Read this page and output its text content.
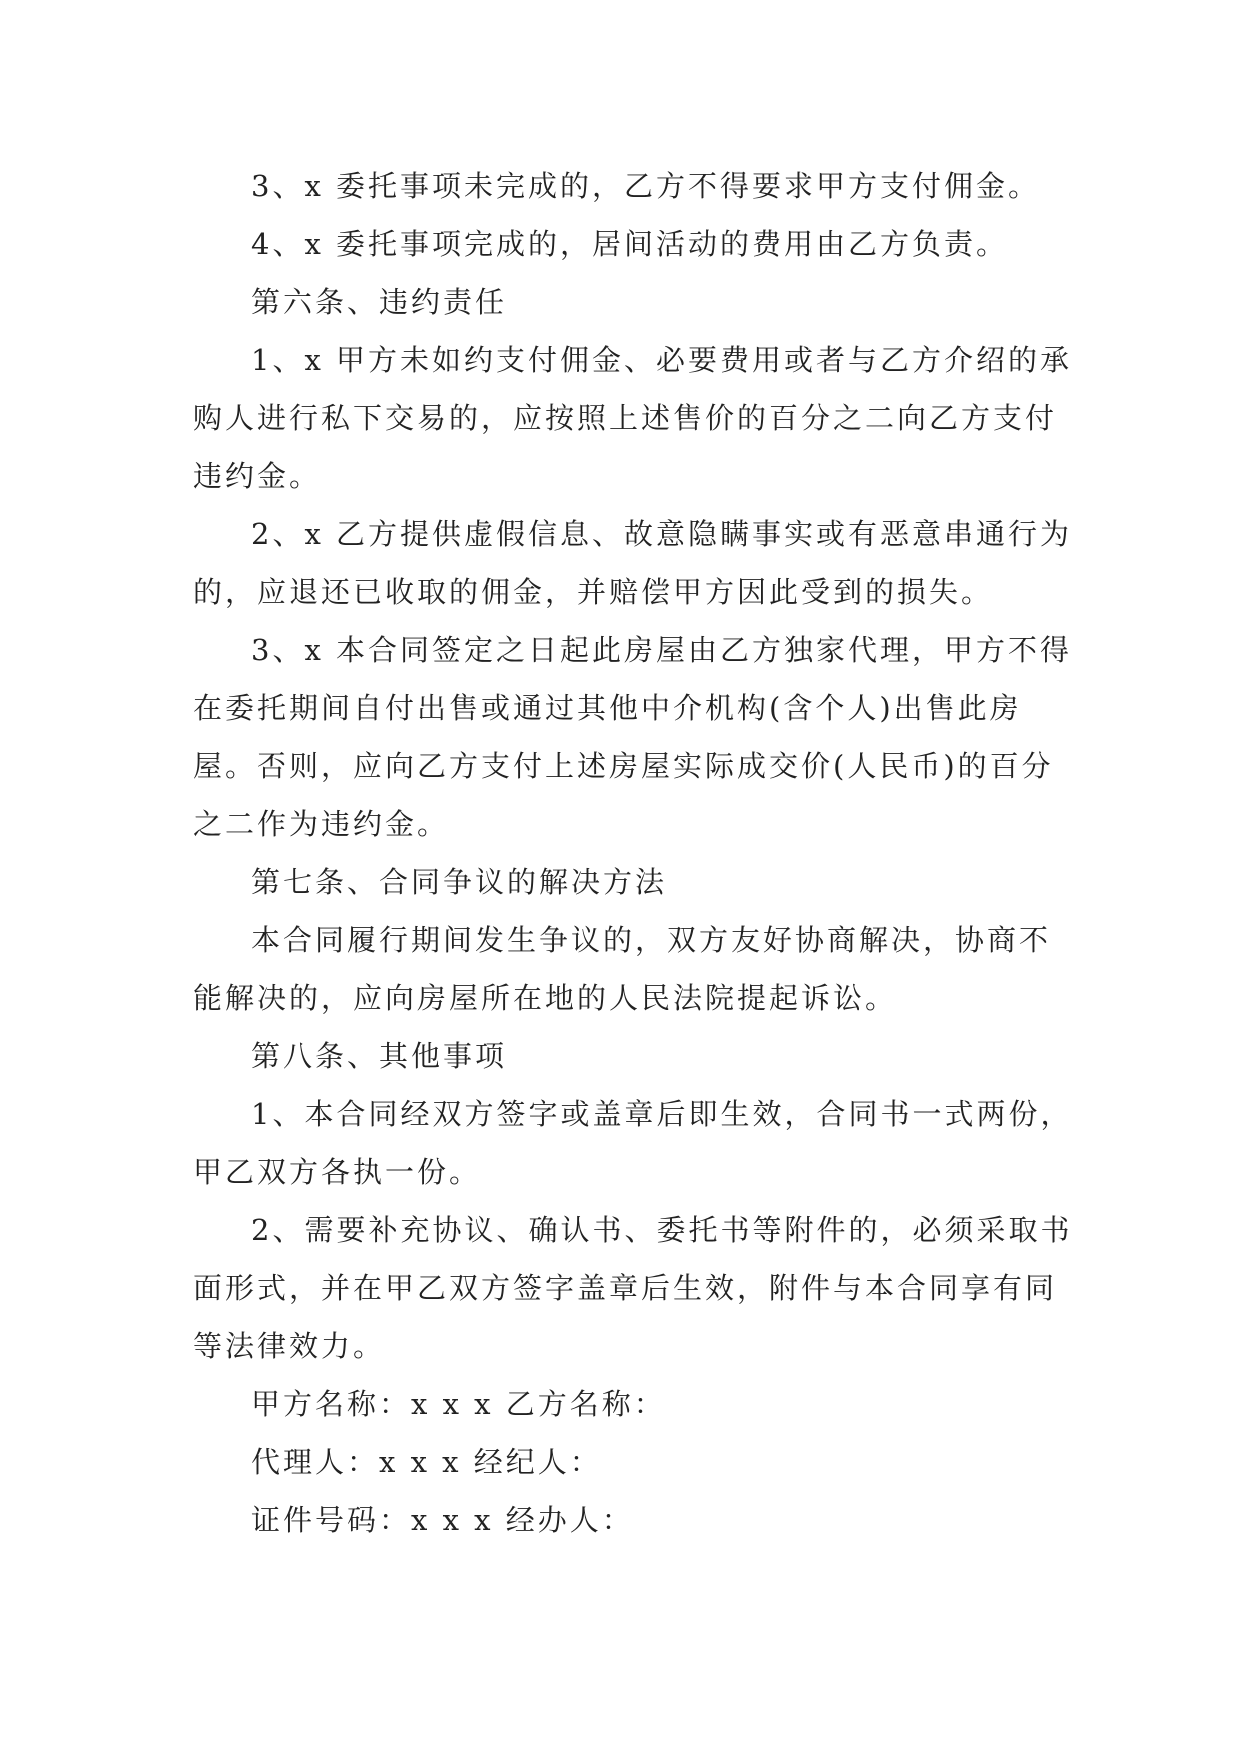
3、x 委托事项未完成的，乙方不得要求甲方支付佣金。

4、x 委托事项完成的，居间活动的费用由乙方负责。

第六条、违约责任

1、x 甲方未如约支付佣金、必要费用或者与乙方介绍的承购人进行私下交易的，应按照上述售价的百分之二向乙方支付违约金。

2、x 乙方提供虚假信息、故意隐瞒事实或有恶意串通行为的，应退还已收取的佣金，并赔偿甲方因此受到的损失。

3、x 本合同签定之日起此房屋由乙方独家代理，甲方不得在委托期间自付出售或通过其他中介机构(含个人)出售此房屋。否则，应向乙方支付上述房屋实际成交价(人民币)的百分之二作为违约金。

第七条、合同争议的解决方法

本合同履行期间发生争议的，双方友好协商解决，协商不能解决的，应向房屋所在地的人民法院提起诉讼。

第八条、其他事项

1、本合同经双方签字或盖章后即生效，合同书一式两份，甲乙双方各执一份。

2、需要补充协议、确认书、委托书等附件的，必须采取书面形式，并在甲乙双方签字盖章后生效，附件与本合同享有同等法律效力。

甲方名称：x x x 乙方名称：

代理人：x x x 经纪人：

证件号码：x x x 经办人：
